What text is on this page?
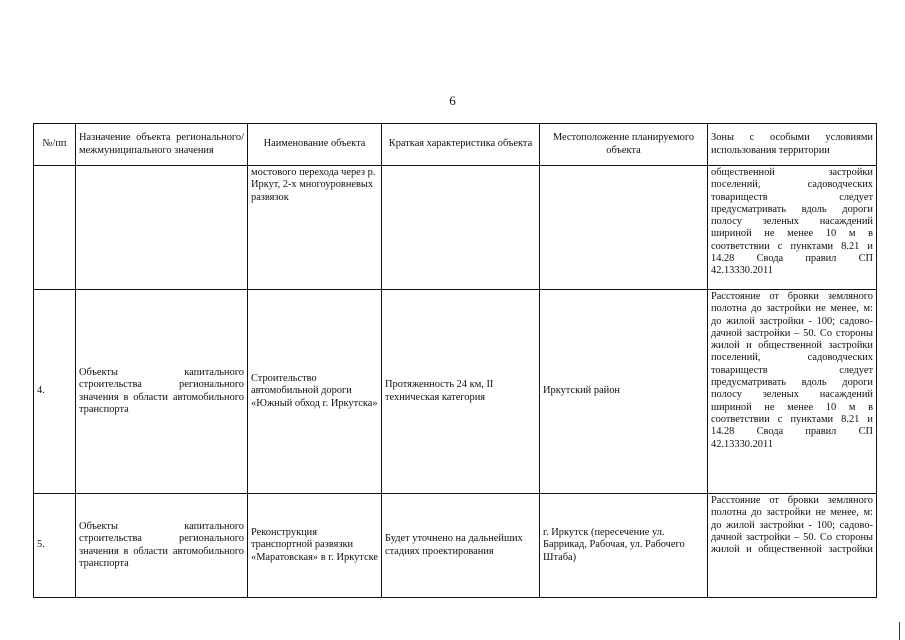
6
№/пп	Назначение объекта регионального/ межмуниципального значения	Наименование объекта	Краткая характеристика объекта	Местоположение планируемого объекта	Зоны с особыми условиями использования территории
		мостового перехода через р. Иркут, 2-х многоуровневых развязок			общественной застройки поселений, садоводческих товариществ следует предусматривать вдоль дороги полосу зеленых насаждений шириной не менее 10 м в соответствии с пунктами 8.21 и 14.28 Свода правил СП 42.13330.2011
4.	Объекты капитального строительства регионального значения в области автомобильного транспорта	Строительство автомобильной дороги «Южный обход г. Иркутска»	Протяженность 24 км, II техническая категория	Иркутский район	Расстояние от бровки земляного полотна до застройки не менее, м: до жилой застройки - 100; садово-дачной застройки – 50. Со стороны жилой и общественной застройки поселений, садоводческих товариществ следует предусматривать вдоль дороги полосу зеленых насаждений шириной не менее 10 м в соответствии с пунктами 8.21 и 14.28 Свода правил СП 42.13330.2011
5.	Объекты капитального строительства регионального значения в области автомобильного транспорта	Реконструкция транспортной развязки «Маратовская» в г. Иркутске	Будет уточнено на дальнейших стадиях проектирования	г. Иркутск (пересечение ул. Баррикад, Рабочая, ул. Рабочего Штаба)	Расстояние от бровки земляного полотна до застройки не менее, м: до жилой застройки - 100; садово-дачной застройки – 50. Со стороны жилой и общественной застройки
